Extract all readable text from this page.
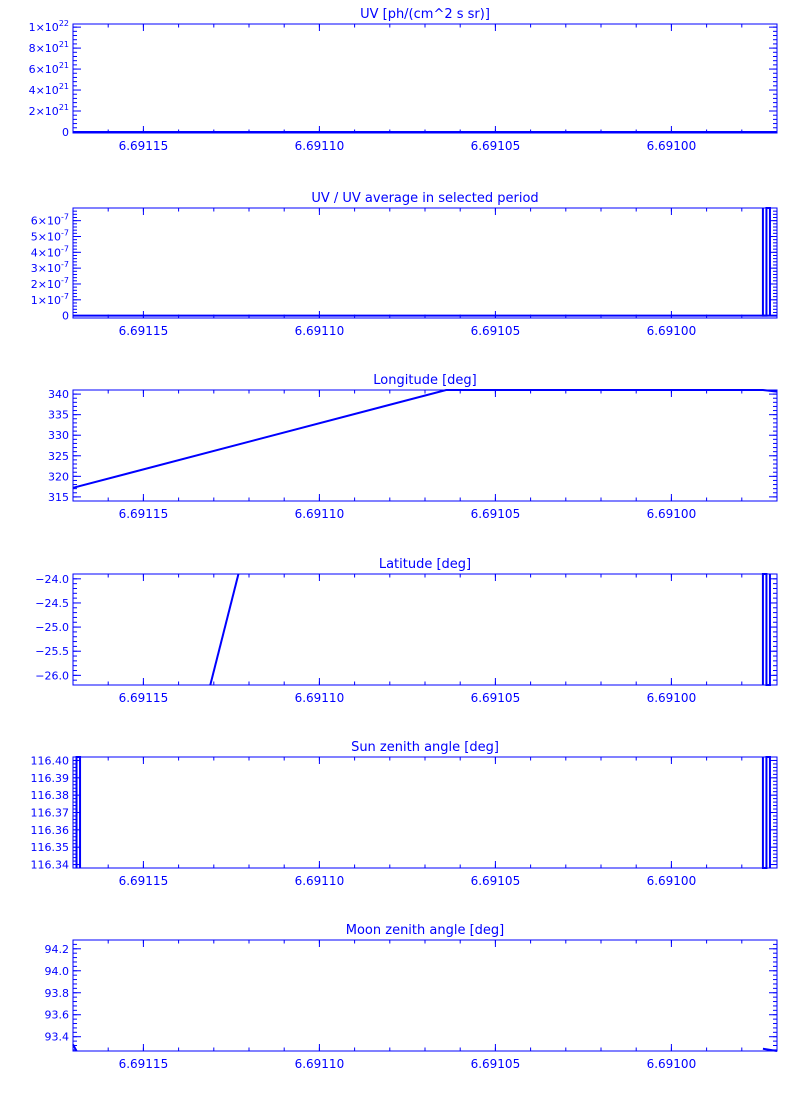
UV [ph/(cm^2 s sr)]
6.69115	6.69110	6.69105	6.69100
0
$2\times 10^{21}$
$4\times 10^{21}$
$6\times 10^{21}$
$8\times 10^{21}$
$1\times 10^{22}$
UV / UV average in selected period
6.69115	6.69110	6.69105	6.69100
0
$1\times 10^{-7}$
$2\times 10^{-7}$
$3\times 10^{-7}$
$4\times 10^{-7}$
$5\times 10^{-7}$
$6\times 10^{-7}$
Longitude [deg]
6.69115	6.69110	6.69105	6.69100
315
320
325
330
335
340
Latitude [deg]
6.69115	6.69110	6.69105	6.69100
−26.0
−25.5
−25.0
−24.5
−24.0
Sun zenith angle [deg]
6.69115	6.69110	6.69105	6.69100
116.34
116.35
116.36
116.37
116.38
116.39
116.40
Moon zenith angle [deg]
6.69115	6.69110	6.69105	6.69100
93.4
93.6
93.8
94.0
94.2
